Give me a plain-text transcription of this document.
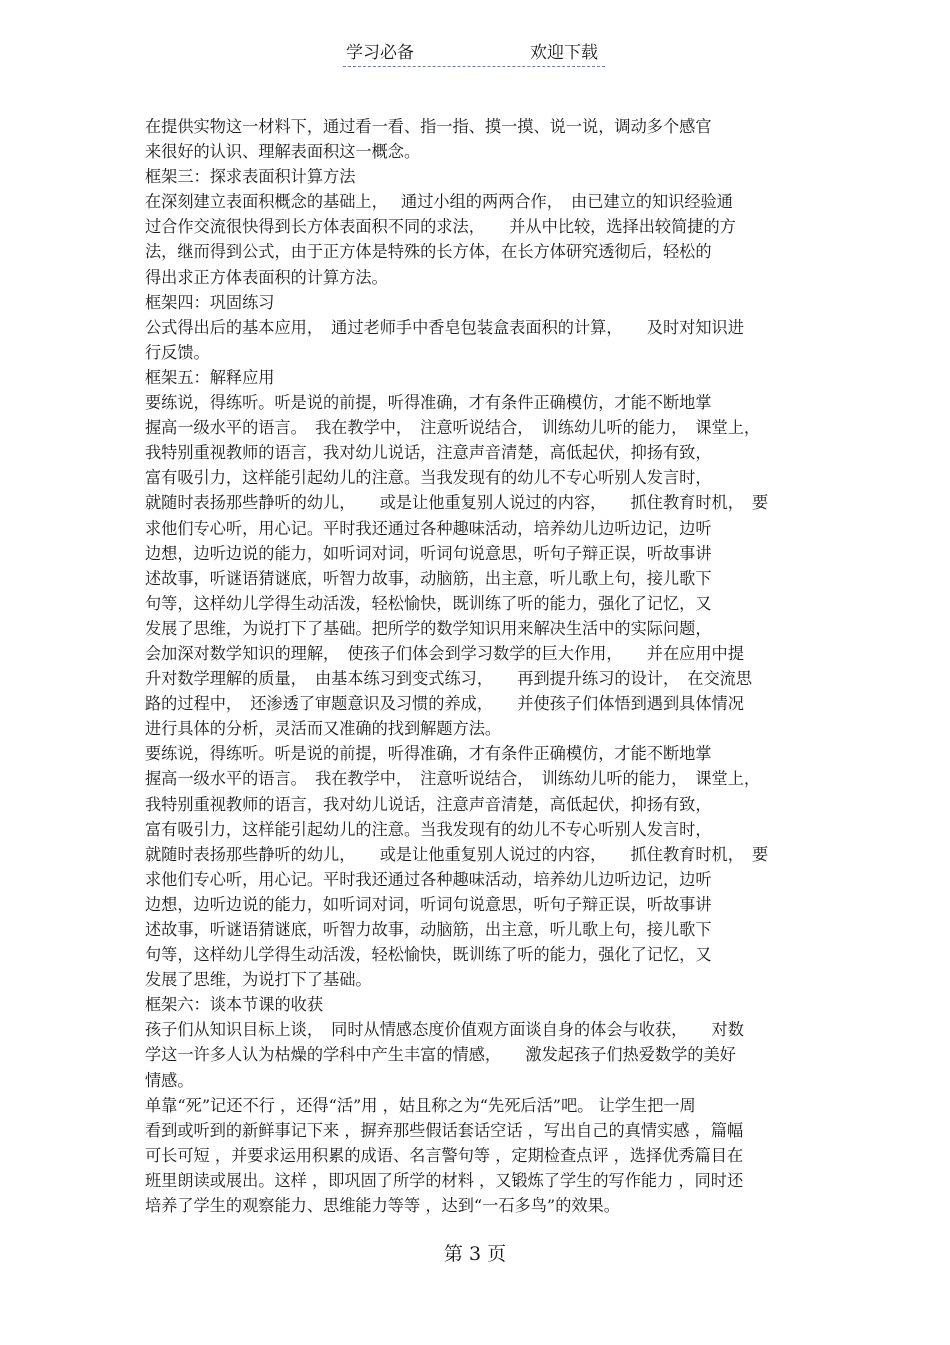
学习必备	欢迎下载
在提供实物这一材料下，通过看一看、指一指、摸一摸、说一说，调动多个感官
来很好的认识、理解表面积这一概念。
框架三：探求表面积计算方法
在深刻建立表面积概念的基础上，　 通过小组的两两合作，　由已建立的知识经验通
过合作交流很快得到长方体表面积不同的求法，　　并从中比较，选择出较简捷的方
法，继而得到公式，由于正方体是特殊的长方体，在长方体研究透彻后，轻松的
得出求正方体表面积的计算方法。
框架四：巩固练习
公式得出后的基本应用，　通过老师手中香皂包装盒表面积的计算，　　及时对知识进
行反馈。
框架五：解释应用
要练说，得练听。听是说的前提，听得准确，才有条件正确模仿，才能不断地掌
握高一级水平的语言。　我在教学中，　注意听说结合，　训练幼儿听的能力，　课堂上，
我特别重视教师的语言，我对幼儿说话，注意声音清楚，高低起伏，抑扬有致，
富有吸引力，这样能引起幼儿的注意。当我发现有的幼儿不专心听别人发言时，
就随时表扬那些静听的幼儿，　　或是让他重复别人说过的内容，　　抓住教育时机，　要
求他们专心听，用心记。平时我还通过各种趣味活动，培养幼儿边听边记，边听
边想，边听边说的能力，如听词对词，听词句说意思，听句子辩正误，听故事讲
述故事，听谜语猜谜底，听智力故事，动脑筋，出主意，听儿歌上句，接儿歌下
句等，这样幼儿学得生动活泼，轻松愉快，既训练了听的能力，强化了记忆，又
发展了思维，为说打下了基础。把所学的数学知识用来解决生活中的实际问题，
会加深对数学知识的理解，　使孩子们体会到学习数学的巨大作用，　　并在应用中提
升对数学理解的质量，　由基本练习到变式练习，　　再到提升练习的设计，　在交流思
路的过程中，　还渗透了审题意识及习惯的养成，　　并使孩子们体悟到遇到具体情况
进行具体的分析，灵活而又准确的找到解题方法。
要练说，得练听。听是说的前提，听得准确，才有条件正确模仿，才能不断地掌
握高一级水平的语言。　我在教学中，　注意听说结合，　训练幼儿听的能力，　课堂上，
我特别重视教师的语言，我对幼儿说话，注意声音清楚，高低起伏，抑扬有致，
富有吸引力，这样能引起幼儿的注意。当我发现有的幼儿不专心听别人发言时，
就随时表扬那些静听的幼儿，　　或是让他重复别人说过的内容，　　抓住教育时机，　要
求他们专心听，用心记。平时我还通过各种趣味活动，培养幼儿边听边记，边听
边想，边听边说的能力，如听词对词，听词句说意思，听句子辩正误，听故事讲
述故事，听谜语猜谜底，听智力故事，动脑筋，出主意，听儿歌上句，接儿歌下
句等，这样幼儿学得生动活泼，轻松愉快，既训练了听的能力，强化了记忆，又
发展了思维，为说打下了基础。
框架六：谈本节课的收获
孩子们从知识目标上谈，　同时从情感态度价值观方面谈自身的体会与收获，　　对数
学这一许多人认为枯燥的学科中产生丰富的情感，　　激发起孩子们热爱数学的美好
情感。
单靠“死”记还不行 ，还得“活”用 ，姑且称之为“先死后活”吧。 让学生把一周
看到或听到的新鲜事记下来 ，摒弃那些假话套话空话 ，写出自己的真情实感 ，篇幅
可长可短 ，并要求运用积累的成语、名言警句等 ，定期检查点评 ，选择优秀篇目在
班里朗读或展出。这样 ，即巩固了所学的材料 ，又锻炼了学生的写作能力 ，同时还
培养了学生的观察能力、思维能力等等 ，达到“一石多鸟”的效果。
第 3 页
